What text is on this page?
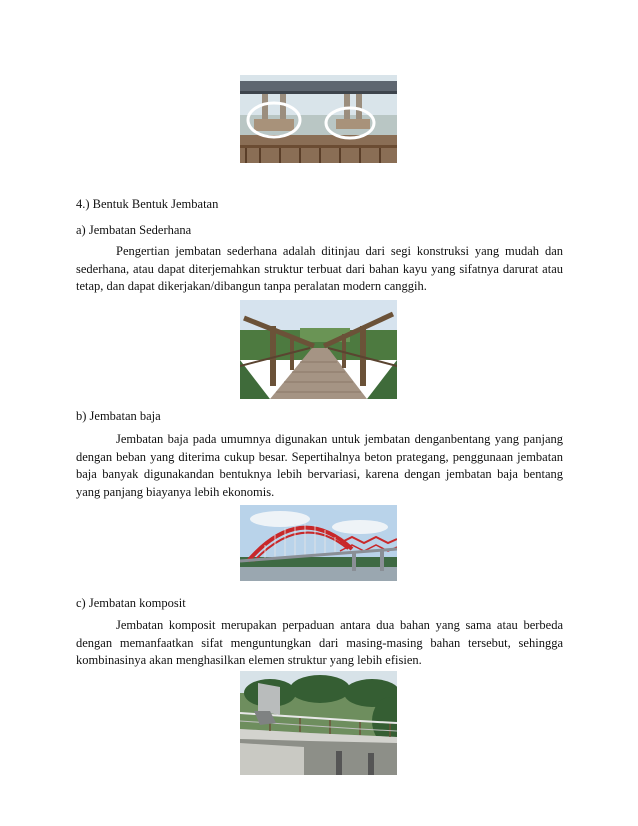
4.) Bentuk Bentuk Jembatan
a) Jembatan Sederhana
Pengertian jembatan sederhana adalah ditinjau dari segi konstruksi yang mudah dan sederhana, atau dapat diterjemahkan struktur terbuat dari bahan kayu yang sifatnya darurat atau tetap, dan dapat dikerjakan/dibangun tanpa peralatan modern canggih.
b) Jembatan baja
Jembatan baja pada umumnya digunakan untuk jembatan denganbentang yang panjang dengan beban yang diterima cukup besar. Sepertihalnya beton prategang, penggunaan jembatan baja banyak digunakandan bentuknya lebih bervariasi, karena dengan jembatan baja bentang yang panjang biayanya lebih ekonomis.
c) Jembatan komposit
Jembatan komposit merupakan perpaduan antara dua bahan yang sama atau berbeda dengan memanfaatkan sifat menguntungkan dari masing-masing bahan tersebut, sehingga kombinasinya akan menghasilkan elemen struktur yang lebih efisien.
